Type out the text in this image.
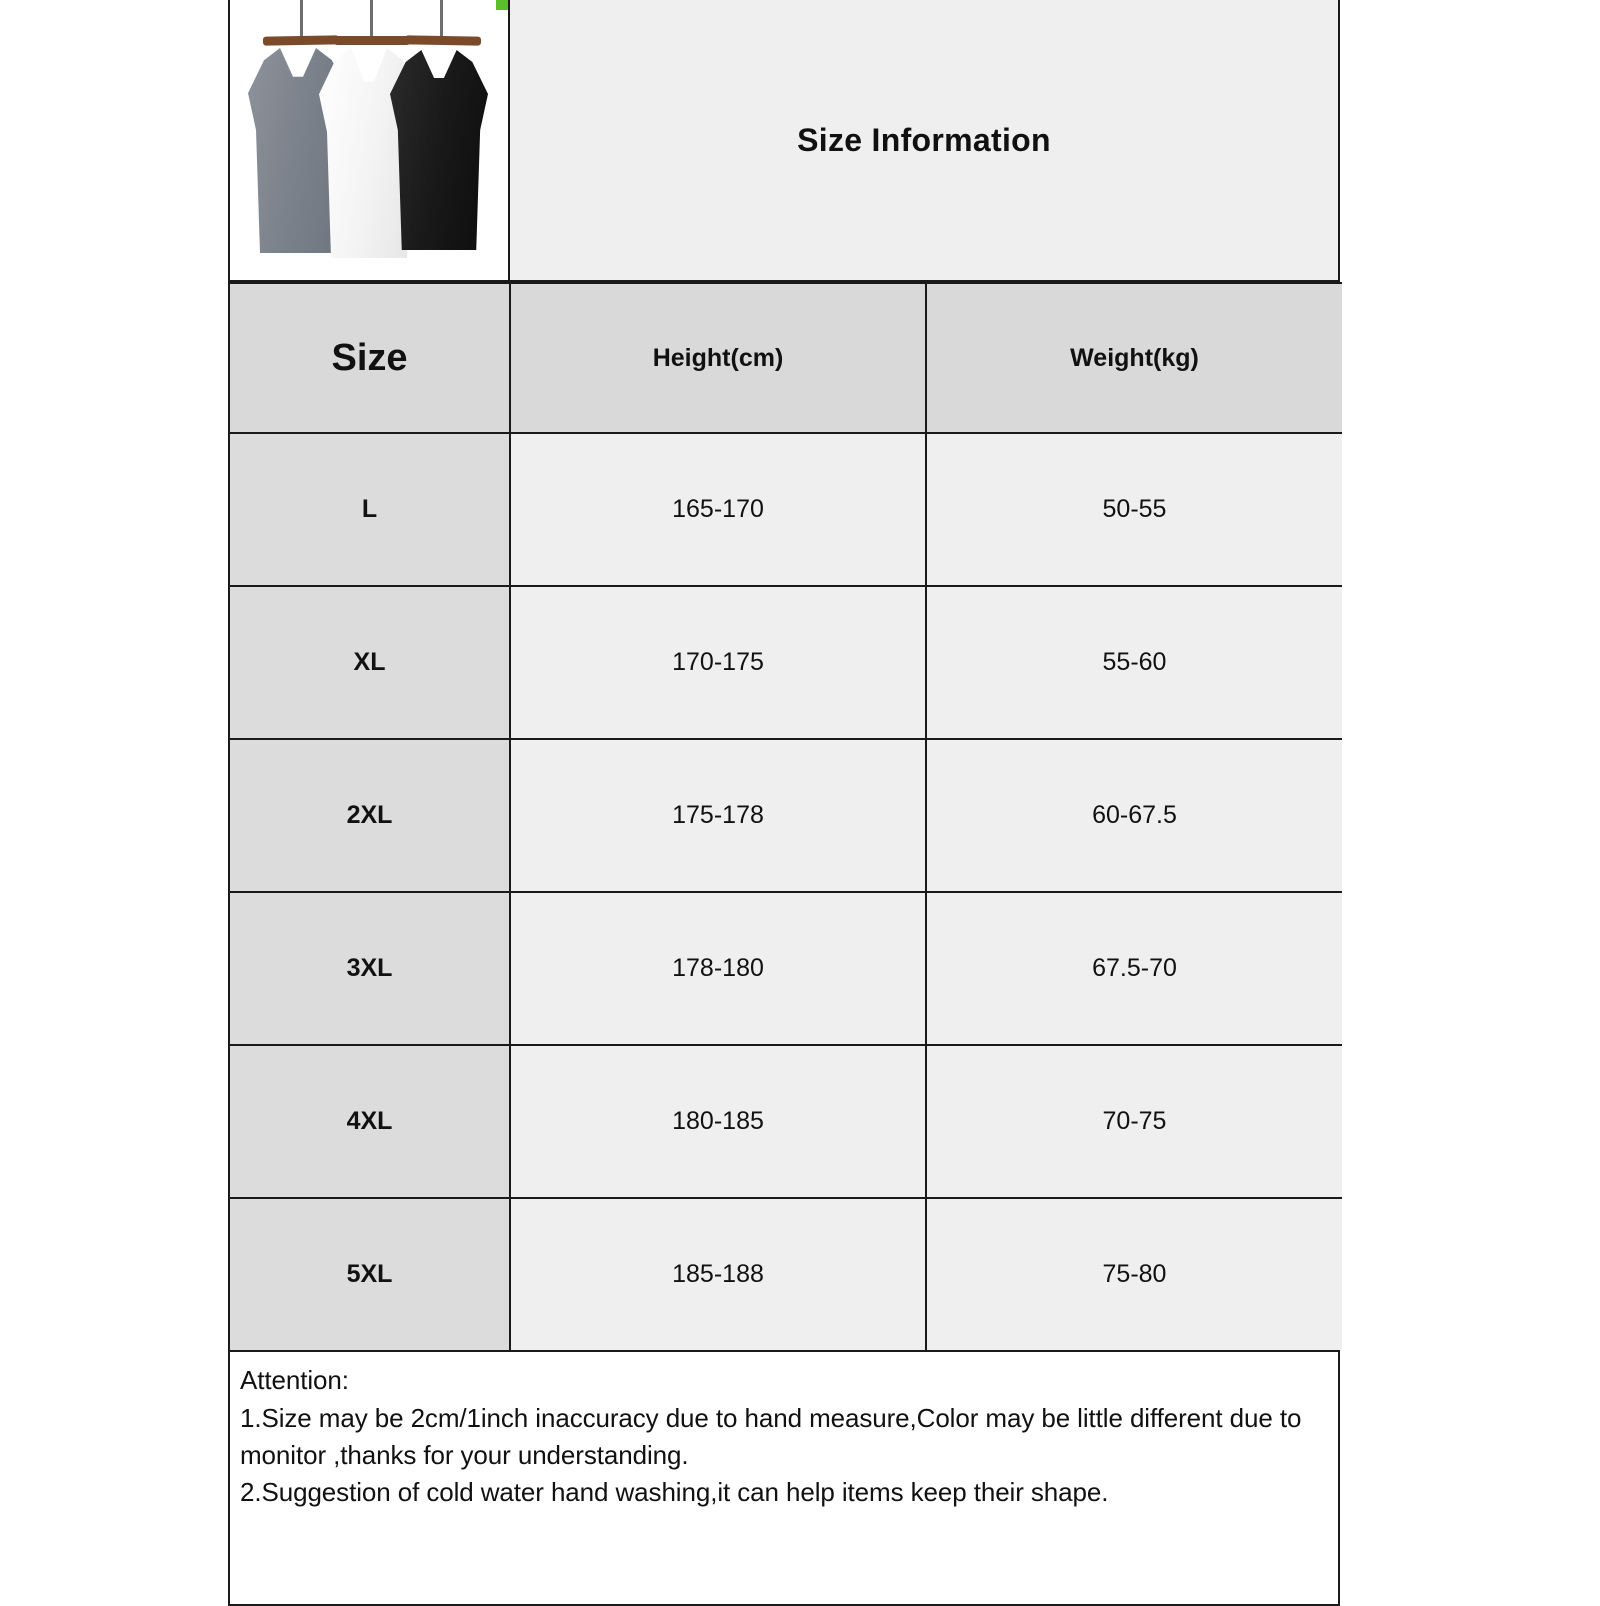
Size Information
Size	Height(cm)	Weight(kg)
L	165-170	50-55
XL	170-175	55-60
2XL	175-178	60-67.5
3XL	178-180	67.5-70
4XL	180-185	70-75
5XL	185-188	75-80
Attention:
1.Size may be 2cm/1inch inaccuracy due to hand measure,Color may be little different due to monitor ,thanks for your understanding.
2.Suggestion of cold water hand washing,it can help items keep their shape.
